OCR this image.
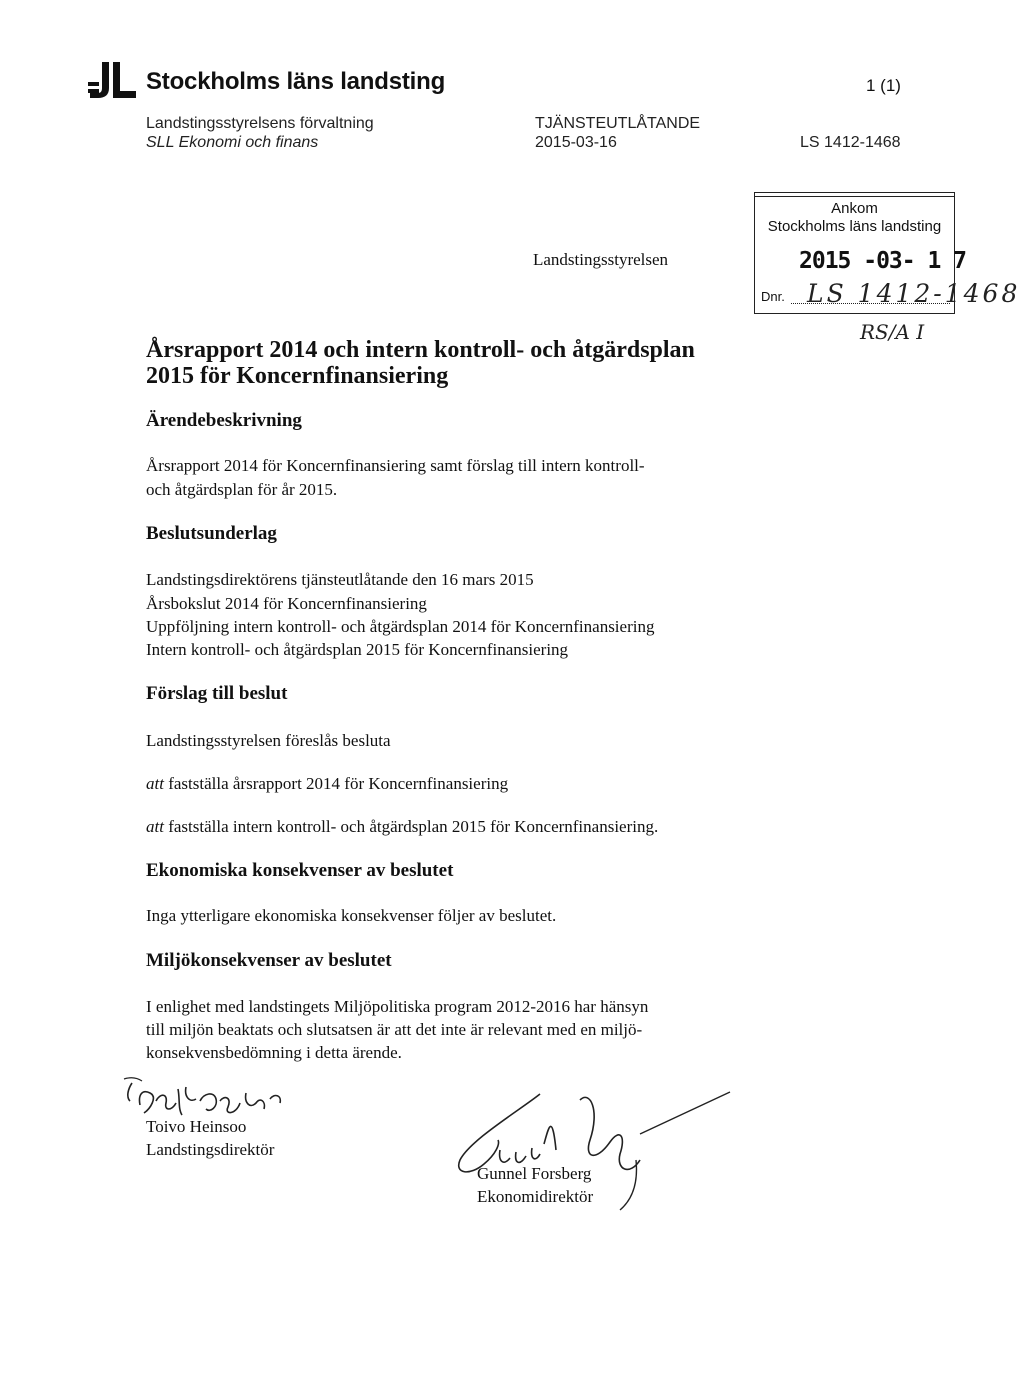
Stockholms läns landsting	1 (1)
Landstingsstyrelsens förvaltning
SLL Ekonomi och finans
TJÄNSTEUTLÅTANDE
2015-03-16	LS 1412-1468
Ankom
Stockholms läns landsting
2015 -03- 1 7
Dnr. LS 1412-1468
RS/A I
Landstingsstyrelsen
Årsrapport 2014 och intern kontroll- och åtgärdsplan
2015 för Koncernfinansiering
Ärendebeskrivning
Årsrapport 2014 för Koncernfinansiering samt förslag till intern kontroll-
och åtgärdsplan för år 2015.
Beslutsunderlag
Landstingsdirektörens tjänsteutlåtande den 16 mars 2015
Årsbokslut 2014 för Koncernfinansiering
Uppföljning intern kontroll- och åtgärdsplan 2014 för Koncernfinansiering
Intern kontroll- och åtgärdsplan 2015 för Koncernfinansiering
Förslag till beslut
Landstingsstyrelsen föreslås besluta
att fastställa årsrapport 2014 för Koncernfinansiering
att fastställa intern kontroll- och åtgärdsplan 2015 för Koncernfinansiering.
Ekonomiska konsekvenser av beslutet
Inga ytterligare ekonomiska konsekvenser följer av beslutet.
Miljökonsekvenser av beslutet
I enlighet med landstingets Miljöpolitiska program 2012-2016 har hänsyn
till miljön beaktats och slutsatsen är att det inte är relevant med en miljö-
konsekvensbedömning i detta ärende.
Toivo Heinsoo
Landstingsdirektör
Gunnel Forsberg
Ekonomidirektör
